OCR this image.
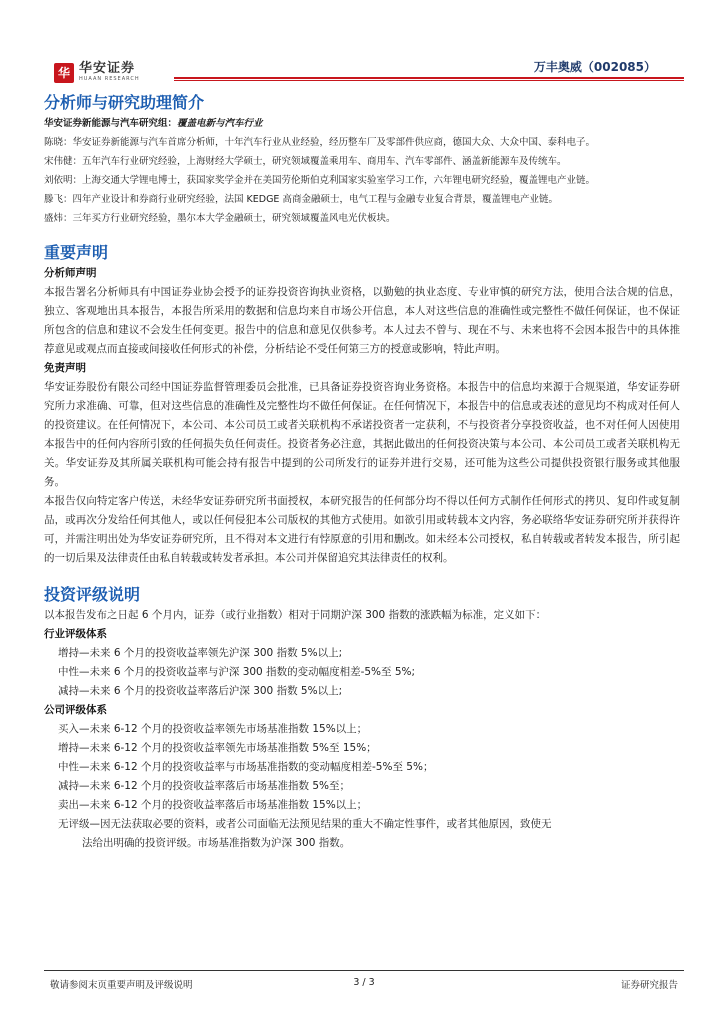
华 华安证券
HUAAN RESEARCH
万丰奥威（002085）
分析师与研究助理简介
华安证券新能源与汽车研究组：覆盖电新与汽车行业
陈晓：华安证券新能源与汽车首席分析师，十年汽车行业从业经验，经历整车厂及零部件供应商，德国大众、大众中国、泰科电子。
宋伟健：五年汽车行业研究经验，上海财经大学硕士，研究领域覆盖乘用车、商用车、汽车零部件、涵盖新能源车及传统车。
刘依明：上海交通大学锂电博士，获国家奖学金并在美国劳伦斯伯克利国家实验室学习工作，六年锂电研究经验，覆盖锂电产业链。
滕飞：四年产业设计和券商行业研究经验，法国 KEDGE 高商金融硕士，电气工程与金融专业复合背景，覆盖锂电产业链。
盛炜：三年买方行业研究经验，墨尔本大学金融硕士，研究领域覆盖风电光伏板块。
重要声明
分析师声明

本报告署名分析师具有中国证券业协会授予的证券投资咨询执业资格，以勤勉的执业态度、专业审慎的研究方法，使用合法合规的信息，独立、客观地出具本报告，本报告所采用的数据和信息均来自市场公开信息，本人对这些信息的准确性或完整性不做任何保证，也不保证所包含的信息和建议不会发生任何变更。报告中的信息和意见仅供参考。本人过去不曾与、现在不与、未来也将不会因本报告中的具体推荐意见或观点而直接或间接收任何形式的补偿，分析结论不受任何第三方的授意或影响，特此声明。

免责声明

华安证券股份有限公司经中国证券监督管理委员会批准，已具备证券投资咨询业务资格。本报告中的信息均来源于合规渠道，华安证券研究所力求准确、可靠，但对这些信息的准确性及完整性均不做任何保证。在任何情况下，本报告中的信息或表述的意见均不构成对任何人的投资建议。在任何情况下，本公司、本公司员工或者关联机构不承诺投资者一定获利，不与投资者分享投资收益，也不对任何人因使用本报告中的任何内容所引致的任何损失负任何责任。投资者务必注意，其据此做出的任何投资决策与本公司、本公司员工或者关联机构无关。华安证券及其所属关联机构可能会持有报告中提到的公司所发行的证券并进行交易，还可能为这些公司提供投资银行服务或其他服务。

本报告仅向特定客户传送，未经华安证券研究所书面授权，本研究报告的任何部分均不得以任何方式制作任何形式的拷贝、复印件或复制品，或再次分发给任何其他人，或以任何侵犯本公司版权的其他方式使用。如欲引用或转载本文内容，务必联络华安证券研究所并获得许可，并需注明出处为华安证券研究所，且不得对本文进行有悖原意的引用和删改。如未经本公司授权，私自转载或者转发本报告，所引起的一切后果及法律责任由私自转载或转发者承担。本公司并保留追究其法律责任的权利。

投资评级说明

以本报告发布之日起 6 个月内，证券（或行业指数）相对于同期沪深 300 指数的涨跌幅为标准，定义如下：

行业评级体系
增持—未来 6 个月的投资收益率领先沪深 300 指数 5%以上;
中性—未来 6 个月的投资收益率与沪深 300 指数的变动幅度相差-5%至 5%;
减持—未来 6 个月的投资收益率落后沪深 300 指数 5%以上;
公司评级体系
买入—未来 6-12 个月的投资收益率领先市场基准指数 15%以上；
增持—未来 6-12 个月的投资收益率领先市场基准指数 5%至 15%；
中性—未来 6-12 个月的投资收益率与市场基准指数的变动幅度相差-5%至 5%；
减持—未来 6-12 个月的投资收益率落后市场基准指数 5%至；
卖出—未来 6-12 个月的投资收益率落后市场基准指数 15%以上；
无评级—因无法获取必要的资料，或者公司面临无法预见结果的重大不确定性事件，或者其他原因，致使无
法给出明确的投资评级。市场基准指数为沪深 300 指数。
敬请参阅末页重要声明及评级说明	3 / 3	证券研究报告
